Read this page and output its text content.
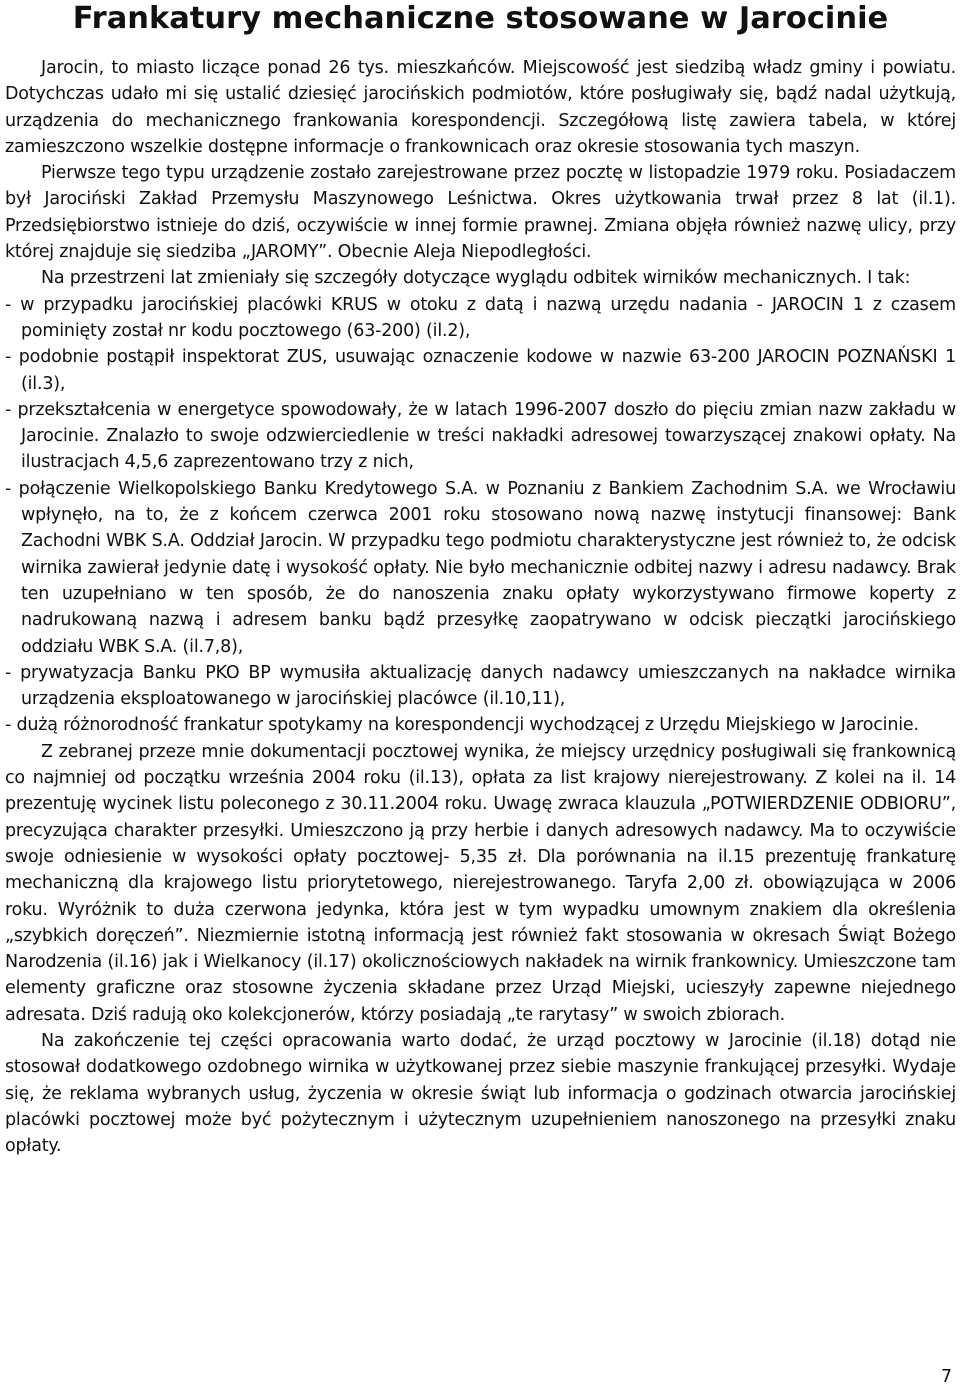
Frankatury mechaniczne stosowane w Jarocinie

Jarocin, to miasto liczące ponad 26 tys. mieszkańców. Miejscowość jest siedzibą władz gminy i powiatu. Dotychczas udało mi się ustalić dziesięć jarocińskich podmiotów, które posługiwały się, bądź nadal użytkują, urządzenia do mechanicznego frankowania korespondencji. Szczegółową listę zawiera tabela, w której zamieszczono wszelkie dostępne informacje o frankownicach oraz okresie stosowania tych maszyn.

Pierwsze tego typu urządzenie zostało zarejestrowane przez pocztę w listopadzie 1979 roku. Posiadaczem był Jarociński Zakład Przemysłu Maszynowego Leśnictwa. Okres użytkowania trwał przez 8 lat (il.1). Przedsiębiorstwo istnieje do dziś, oczywiście w innej formie prawnej. Zmiana objęła również nazwę ulicy, przy której znajduje się siedziba „JAROMY”. Obecnie Aleja Niepodległości.

Na przestrzeni lat zmieniały się szczegóły dotyczące wyglądu odbitek wirników mechanicznych. I tak:

- w przypadku jarocińskiej placówki KRUS w otoku z datą i nazwą urzędu nadania - JAROCIN 1 z czasem pominięty został nr kodu pocztowego (63-200) (il.2),

- podobnie postąpił inspektorat ZUS, usuwając oznaczenie kodowe w nazwie 63-200 JAROCIN POZNAŃSKI 1 (il.3),

- przekształcenia w energetyce spowodowały, że w latach 1996-2007 doszło do pięciu zmian nazw zakładu w Jarocinie. Znalazło to swoje odzwierciedlenie w treści nakładki adresowej towarzyszącej znakowi opłaty. Na ilustracjach 4,5,6 zaprezentowano trzy z nich,

- połączenie Wielkopolskiego Banku Kredytowego S.A. w Poznaniu z Bankiem Zachodnim S.A. we Wrocławiu wpłynęło, na to, że z końcem czerwca 2001 roku stosowano nową nazwę instytucji finansowej: Bank Zachodni WBK S.A. Oddział Jarocin. W przypadku tego podmiotu charakterystyczne jest również to, że odcisk wirnika zawierał jedynie datę i wysokość opłaty. Nie było mechanicznie odbitej nazwy i adresu nadawcy. Brak ten uzupełniano w ten sposób, że do nanoszenia znaku opłaty wykorzystywano firmowe koperty z nadrukowaną nazwą i adresem banku bądź przesyłkę zaopatrywano w odcisk pieczątki jarocińskiego oddziału WBK S.A. (il.7,8),

- prywatyzacja Banku PKO BP wymusiła aktualizację danych nadawcy umieszczanych na nakładce wirnika urządzenia eksploatowanego w jarocińskiej placówce (il.10,11),

- dużą różnorodność frankatur spotykamy na korespondencji wychodzącej z Urzędu Miejskiego w Jarocinie.

Z zebranej przeze mnie dokumentacji pocztowej wynika, że miejscy urzędnicy posługiwali się frankownicą co najmniej od początku września 2004 roku (il.13), opłata za list krajowy nierejestrowany. Z kolei na il. 14 prezentuję wycinek listu poleconego z 30.11.2004 roku. Uwagę zwraca klauzula „POTWIERDZENIE ODBIORU”, precyzująca charakter przesyłki. Umieszczono ją przy herbie i danych adresowych nadawcy. Ma to oczywiście swoje odniesienie w wysokości opłaty pocztowej- 5,35 zł. Dla porównania na il.15 prezentuję frankaturę mechaniczną dla krajowego listu priorytetowego, nierejestrowanego. Taryfa 2,00 zł. obowiązująca w 2006 roku. Wyróżnik to duża czerwona jedynka, która jest w tym wypadku umownym znakiem dla określenia „szybkich doręczeń”. Niezmiernie istotną informacją jest również fakt stosowania w okresach Świąt Bożego Narodzenia (il.16) jak i Wielkanocy (il.17) okolicznościowych nakładek na wirnik frankownicy. Umieszczone tam elementy graficzne oraz stosowne życzenia składane przez Urząd Miejski, ucieszyły zapewne niejednego adresata. Dziś radują oko kolekcjonerów, którzy posiadają „te rarytasy” w swoich zbiorach.

Na zakończenie tej części opracowania warto dodać, że urząd pocztowy w Jarocinie (il.18) dotąd nie stosował dodatkowego ozdobnego wirnika w użytkowanej przez siebie maszynie frankującej przesyłki. Wydaje się, że reklama wybranych usług, życzenia w okresie świąt lub informacja o godzinach otwarcia jarocińskiej placówki pocztowej może być pożytecznym i użytecznym uzupełnieniem nanoszonego na przesyłki znaku opłaty.

7
